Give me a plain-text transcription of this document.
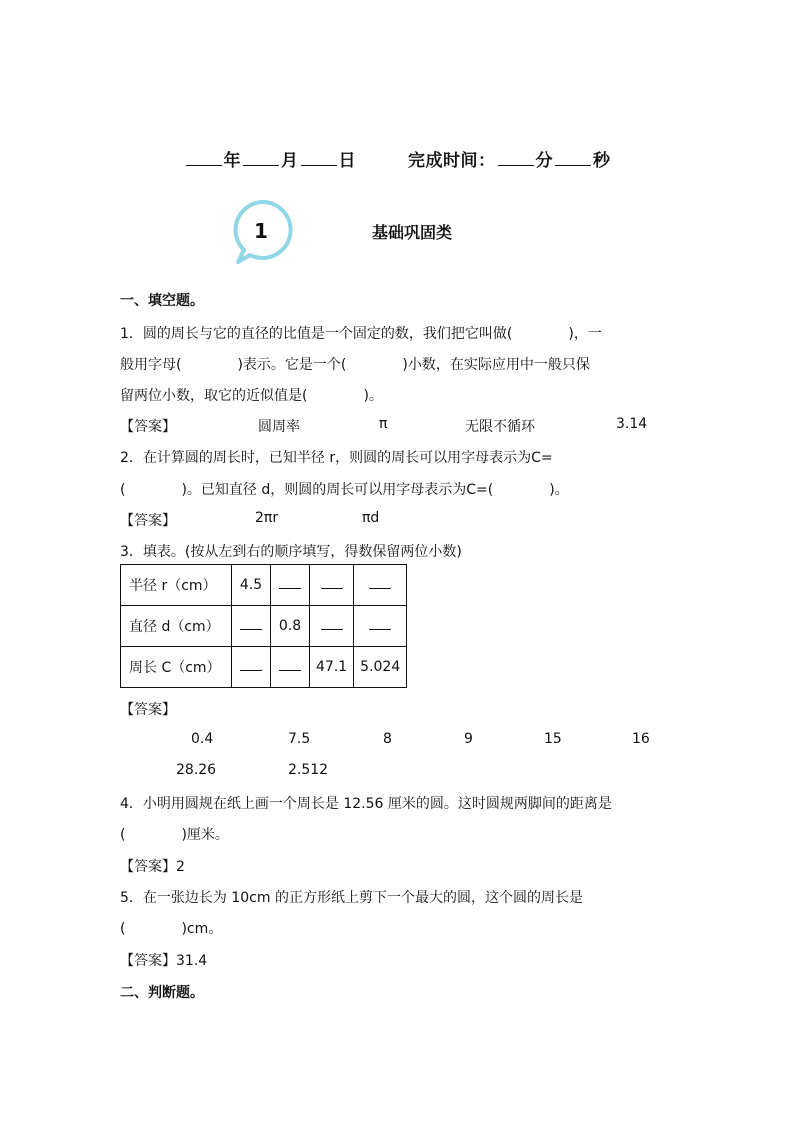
年 月 日	完成时间： 分 秒
1	基础巩固类
一、填空题。
1．圆的周长与它的直径的比值是一个固定的数，我们把它叫做(　　　　)，一
般用字母(　　　　)表示。它是一个(　　　　)小数，在实际应用中一般只保
留两位小数，取它的近似值是(　　　　)。
【答案】	圆周率	π	无限不循环	3.14
2．在计算圆的周长时，已知半径 r，则圆的周长可以用字母表示为C=
(　　　　)。已知直径 d，则圆的周长可以用字母表示为C=(　　　　)。
【答案】	2πr	πd
3．填表。(按从左到右的顺序填写，得数保留两位小数)
半径 r（cm）	4.5			
直径 d（cm）		0.8		
周长 C（cm）			47.1	5.024
【答案】
0.4	7.5	8	9	15	16
28.26	2.512
4．小明用圆规在纸上画一个周长是 12.56 厘米的圆。这时圆规两脚间的距离是
(　　　　)厘米。
【答案】2
5．在一张边长为 10cm 的正方形纸上剪下一个最大的圆，这个圆的周长是
(　　　　)cm。
【答案】31.4
二、判断题。
